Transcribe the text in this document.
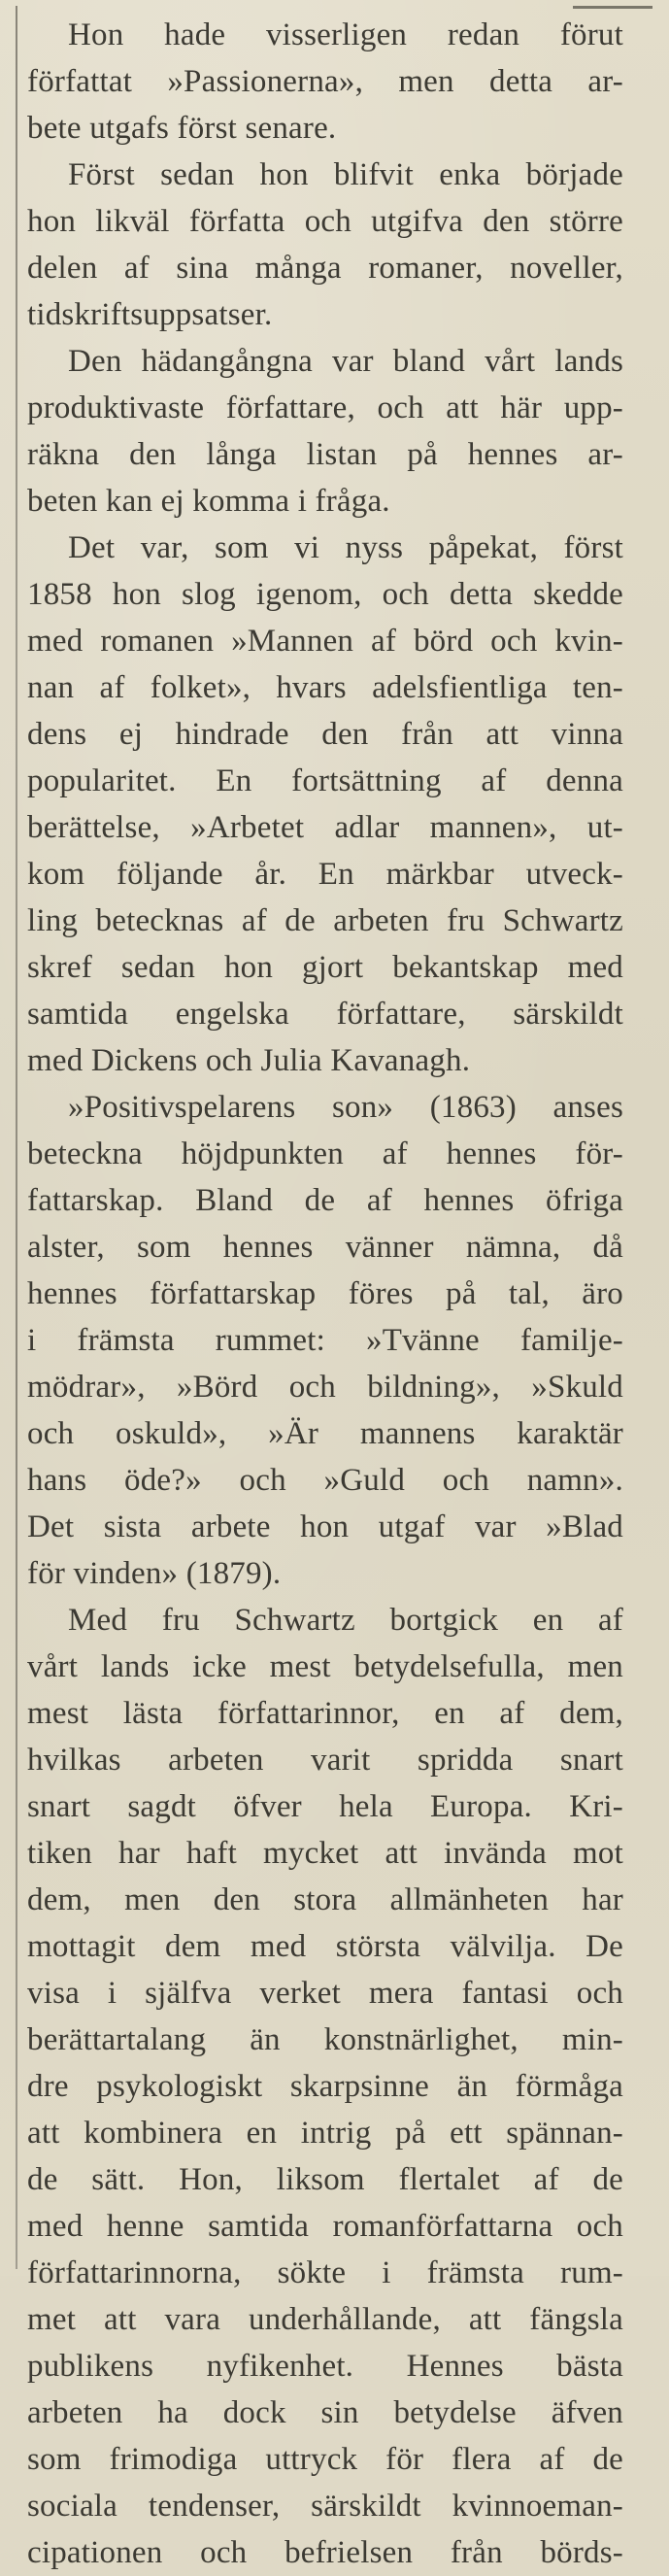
Hon hade visserligen redan förut
författat »Passionerna», men detta ar-
bete utgafs först senare.
Först sedan hon blifvit enka började
hon likväl författa och utgifva den större
delen af sina många romaner, noveller,
tidskriftsuppsatser.
Den hädangångna var bland vårt lands
produktivaste författare, och att här upp-
räkna den långa listan på hennes ar-
beten kan ej komma i fråga.
Det var, som vi nyss påpekat, först
1858 hon slog igenom, och detta skedde
med romanen »Mannen af börd och kvin-
nan af folket», hvars adelsfientliga ten-
dens ej hindrade den från att vinna
popularitet. En fortsättning af denna
berättelse, »Arbetet adlar mannen», ut-
kom följande år. En märkbar utveck-
ling betecknas af de arbeten fru Schwartz
skref sedan hon gjort bekantskap med
samtida engelska författare, särskildt
med Dickens och Julia Kavanagh.
»Positivspelarens son» (1863) anses
beteckna höjdpunkten af hennes för-
fattarskap. Bland de af hennes öfriga
alster, som hennes vänner nämna, då
hennes författarskap föres på tal, äro
i främsta rummet: »Tvänne familje-
mödrar», »Börd och bildning», »Skuld
och oskuld», »Är mannens karaktär
hans öde?» och »Guld och namn».
Det sista arbete hon utgaf var »Blad
för vinden» (1879).
Med fru Schwartz bortgick en af
vårt lands icke mest betydelsefulla, men
mest lästa författarinnor, en af dem,
hvilkas arbeten varit spridda snart
snart sagdt öfver hela Europa. Kri-
tiken har haft mycket att invända mot
dem, men den stora allmänheten har
mottagit dem med största välvilja. De
visa i själfva verket mera fantasi och
berättartalang än konstnärlighet, min-
dre psykologiskt skarpsinne än förmåga
att kombinera en intrig på ett spännan-
de sätt. Hon, liksom flertalet af de
med henne samtida romanförfattarna och
författarinnorna, sökte i främsta rum-
met att vara underhållande, att fängsla
publikens nyfikenhet. Hennes bästa
arbeten ha dock sin betydelse äfven
som frimodiga uttryck för flera af de
sociala tendenser, särskildt kvinnoeman-
cipationen och befrielsen från börds-
